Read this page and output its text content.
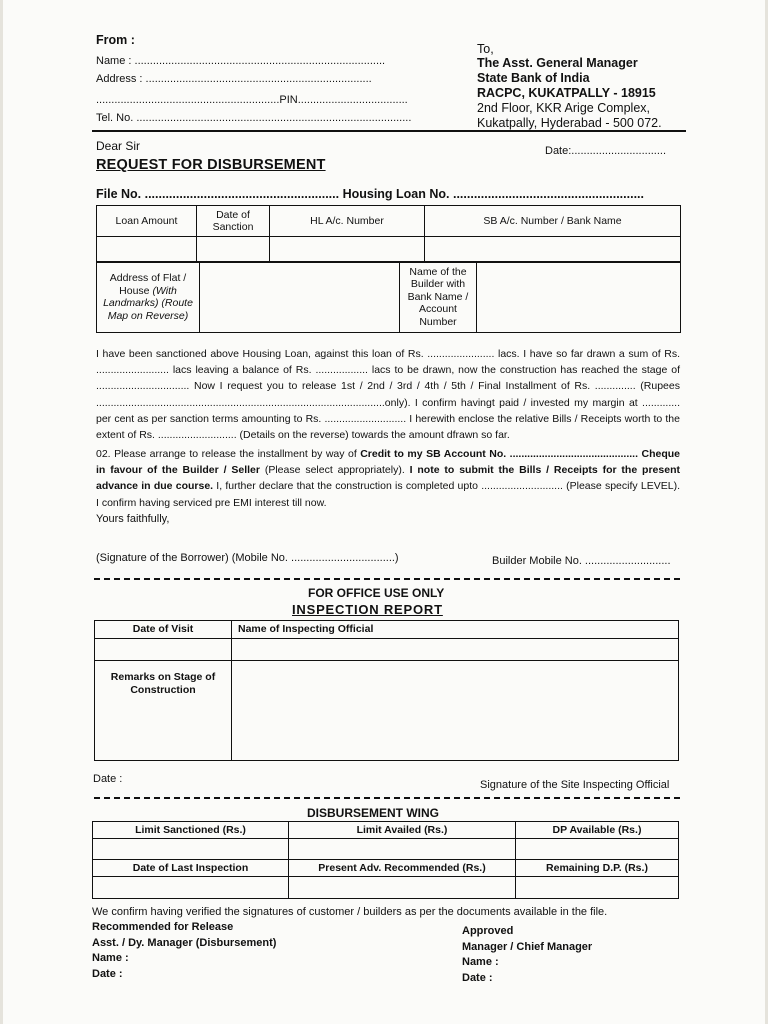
From :
Name : ..................................................................................
Address : ..........................................................................
............................................................PIN....................................
Tel. No. ..........................................................................................
To,
The Asst. General Manager
State Bank of India
RACPC, KUKATPALLY - 18915
2nd Floor, KKR Arige Complex,
Kukatpally, Hyderabad - 500 072.
Dear Sir	Date:...............................
REQUEST FOR DISBURSEMENT
File No. ........................................................ Housing Loan No. .......................................................
Loan Amount	Date of Sanction	HL A/c. Number	SB A/c. Number / Bank Name

Address of Flat / House (With Landmarks) (Route Map on Reverse)		Name of the Builder with Bank Name / Account Number	

I have been sanctioned above Housing Loan, against this loan of Rs. ....................... lacs. I have so far drawn a sum of Rs. ......................... lacs leaving a balance of Rs. .................. lacs to be drawn, now the construction has reached the stage of ................................ Now I request you to release 1st / 2nd / 3rd / 4th / 5th / Final Installment of Rs. .............. (Rupees ...................................................................................................only). I confirm havingt paid / invested my margin at ............. per cent as per sanction terms amounting to Rs. ............................ I herewith enclose the relative Bills / Receipts worth to the extent of Rs. ........................... (Details on the reverse) towards the amount dfrawn so far.

02. Please arrange to release the installment by way of Credit to my SB Account No. ............................................ Cheque in favour of the Builder / Seller (Please select appropriately). I note to submit the Bills / Receipts for the present advance in due course. I, further declare that the construction is completed upto ............................ (Please specify LEVEL). I confirm having serviced pre EMI interest till now.

Yours faithfully,
(Signature of the Borrower) (Mobile No. ..................................)	Builder Mobile No. ............................
FOR OFFICE USE ONLY
INSPECTION REPORT
Date of Visit	Name of Inspecting Official

Remarks on Stage of Construction	
Date :	Signature of the Site Inspecting Official
DISBURSEMENT WING
Limit Sanctioned (Rs.)	Limit Availed (Rs.)	DP Available (Rs.)

Date of Last Inspection	Present Adv. Recommended (Rs.)	Remaining D.P. (Rs.)

We confirm having verified the signatures of customer / builders as per the documents available in the file.
Recommended for Release
Asst. / Dy. Manager (Disbursement)
Name :
Date :
Approved
Manager / Chief Manager
Name :
Date :
